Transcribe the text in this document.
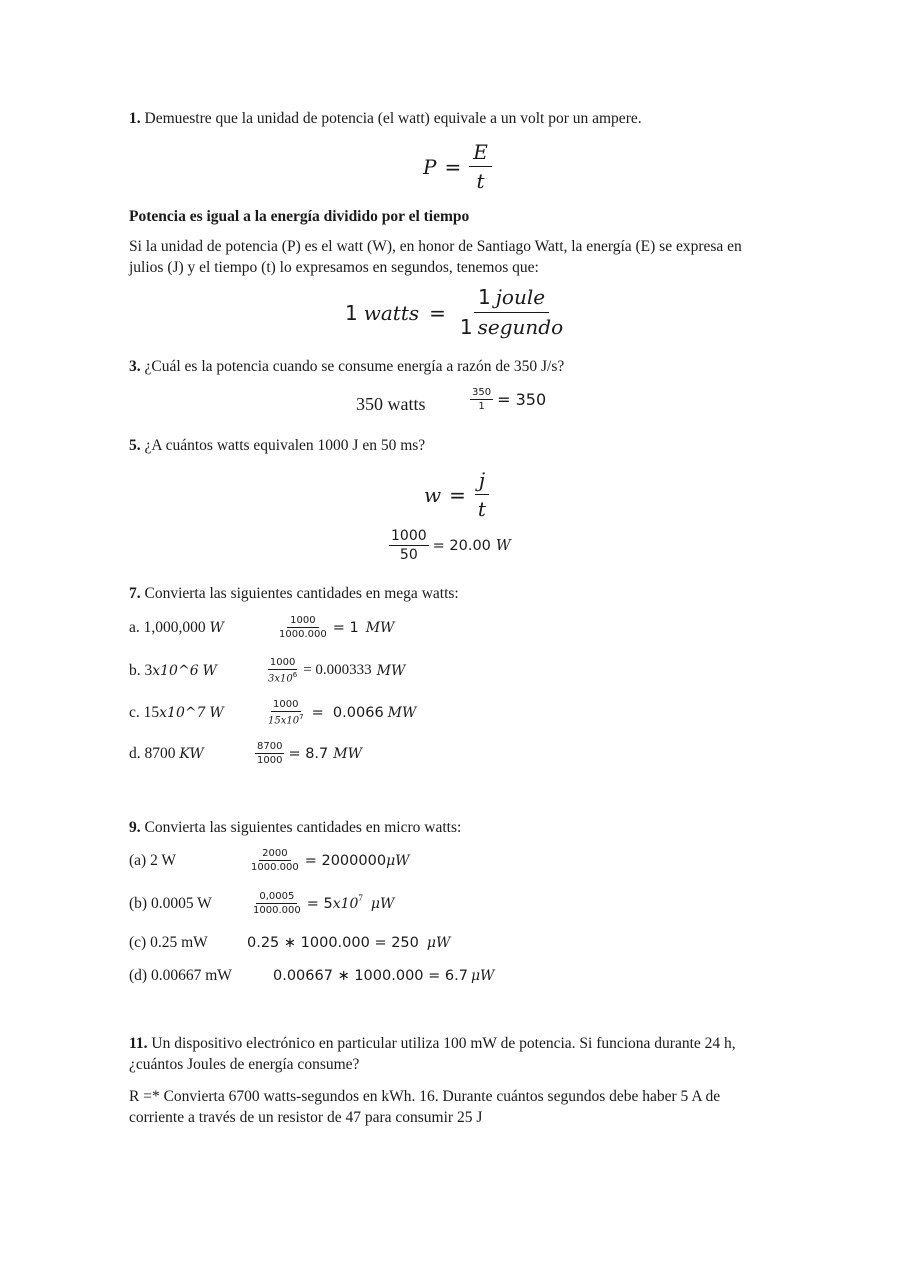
1. Demuestre que la unidad de potencia (el watt) equivale a un volt por un ampere.
$P = \frac{E}{t}$
Potencia es igual a la energía dividido por el tiempo
Si la unidad de potencia (P) es el watt (W), en honor de Santiago Watt, la energía (E) se expresa en julios (J) y el tiempo (t) lo expresamos en segundos, tenemos que:
1 watts = $\frac{\text{1 joule}}{\text{1 segundo}}$
3. ¿Cuál es la potencia cuando se consume energía a razón de 350 J/s?
350 watts	$\frac{350}{1} = 350$
5. ¿A cuántos watts equivalen 1000 J en 50 ms?
$w = \frac{j}{t}$
$\frac{1000}{50} = 20.00$ W
7. Convierta las siguientes cantidades en mega watts:
a. 1,000,000 W	$\frac{1000}{1000.000} = 1$ MW
b. 3x10^6 W	$\frac{1000}{3x10^6} = 0.000333$ MW
c. 15x10^7 W	$\frac{1000}{15x10^7} = 0.0066$ MW
d. 8700 KW	$\frac{8700}{1000} = 8.7$ MW
9. Convierta las siguientes cantidades en micro watts:
(a) 2 W	$\frac{2000}{1000.000} = 2000000$ μW
(b) 0.0005 W	$\frac{0,0005}{1000.000} = 5$ $x10^7$ μW
(c) 0.25 mW	0.25 ∗ 1000.000 = 250 μW
(d) 0.00667 mW	0.00667 ∗ 1000.000 = 6.7 μW
11. Un dispositivo electrónico en particular utiliza 100 mW de potencia. Si funciona durante 24 h, ¿cuántos Joules de energía consume?
R =* Convierta 6700 watts-segundos en kWh. 16. Durante cuántos segundos debe haber 5 A de corriente a través de un resistor de 47 para consumir 25 J
